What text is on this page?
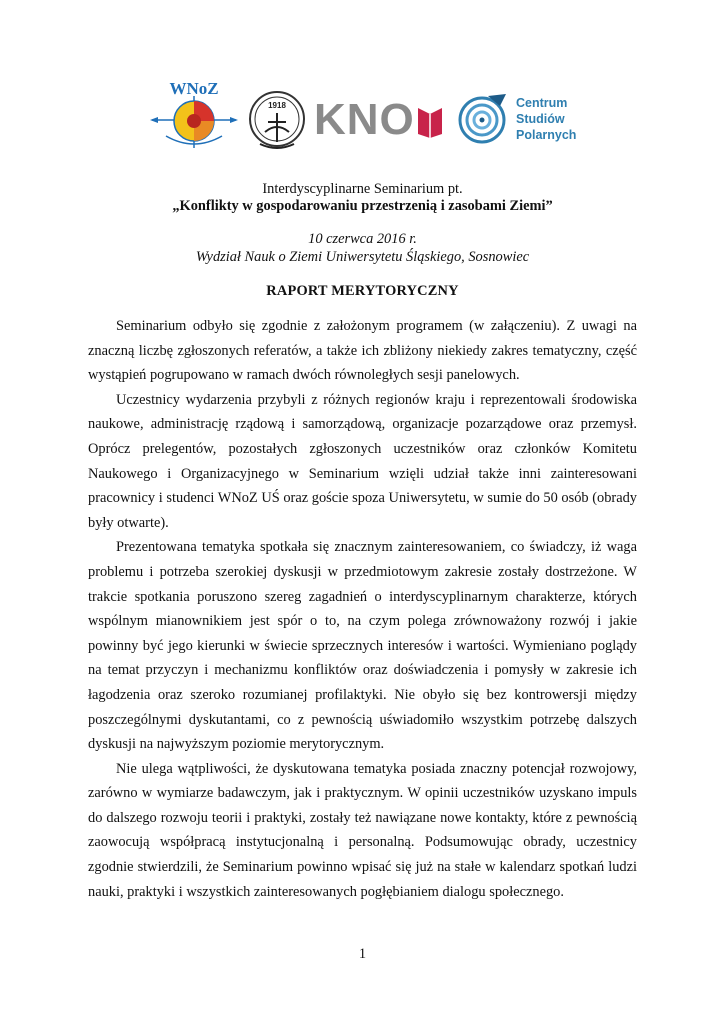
WNoZ
1918 KNO	Centrum
Studiów
Polarnych
Interdyscyplinarne Seminarium pt.
„Konflikty w gospodarowaniu przestrzenią i zasobami Ziemi”
10 czerwca 2016 r.
Wydział Nauk o Ziemi Uniwersytetu Śląskiego, Sosnowiec
RAPORT MERYTORYCZNY

Seminarium odbyło się zgodnie z założonym programem (w załączeniu). Z uwagi na znaczną liczbę zgłoszonych referatów, a także ich zbliżony niekiedy zakres tematyczny, część wystąpień pogrupowano w ramach dwóch równoległych sesji panelowych.

Uczestnicy wydarzenia przybyli z różnych regionów kraju i reprezentowali środowiska naukowe, administrację rządową i samorządową, organizacje pozarządowe oraz przemysł. Oprócz prelegentów, pozostałych zgłoszonych uczestników oraz członków Komitetu Naukowego i Organizacyjnego w Seminarium wzięli udział także inni zainteresowani pracownicy i studenci WNoZ UŚ oraz goście spoza Uniwersytetu, w sumie do 50 osób (obrady były otwarte).

Prezentowana tematyka spotkała się znacznym zainteresowaniem, co świadczy, iż waga problemu i potrzeba szerokiej dyskusji w przedmiotowym zakresie zostały dostrzeżone. W trakcie spotkania poruszono szereg zagadnień o interdyscyplinarnym charakterze, których wspólnym mianownikiem jest spór o to, na czym polega zrównoważony rozwój i jakie powinny być jego kierunki w świecie sprzecznych interesów i wartości. Wymieniano poglądy na temat przyczyn i mechanizmu konfliktów oraz doświadczenia i pomysły w zakresie ich łagodzenia oraz szeroko rozumianej profilaktyki. Nie obyło się bez kontrowersji między poszczególnymi dyskutantami, co z pewnością uświadomiło wszystkim potrzebę dalszych dyskusji na najwyższym poziomie merytorycznym.

Nie ulega wątpliwości, że dyskutowana tematyka posiada znaczny potencjał rozwojowy, zarówno w wymiarze badawczym, jak i praktycznym. W opinii uczestników uzyskano impuls do dalszego rozwoju teorii i praktyki, zostały też nawiązane nowe kontakty, które z pewnością zaowocują współpracą instytucjonalną i personalną. Podsumowując obrady, uczestnicy zgodnie stwierdzili, że Seminarium powinno wpisać się już na stałe w kalendarz spotkań ludzi nauki, praktyki i wszystkich zainteresowanych pogłębianiem dialogu społecznego.

1
